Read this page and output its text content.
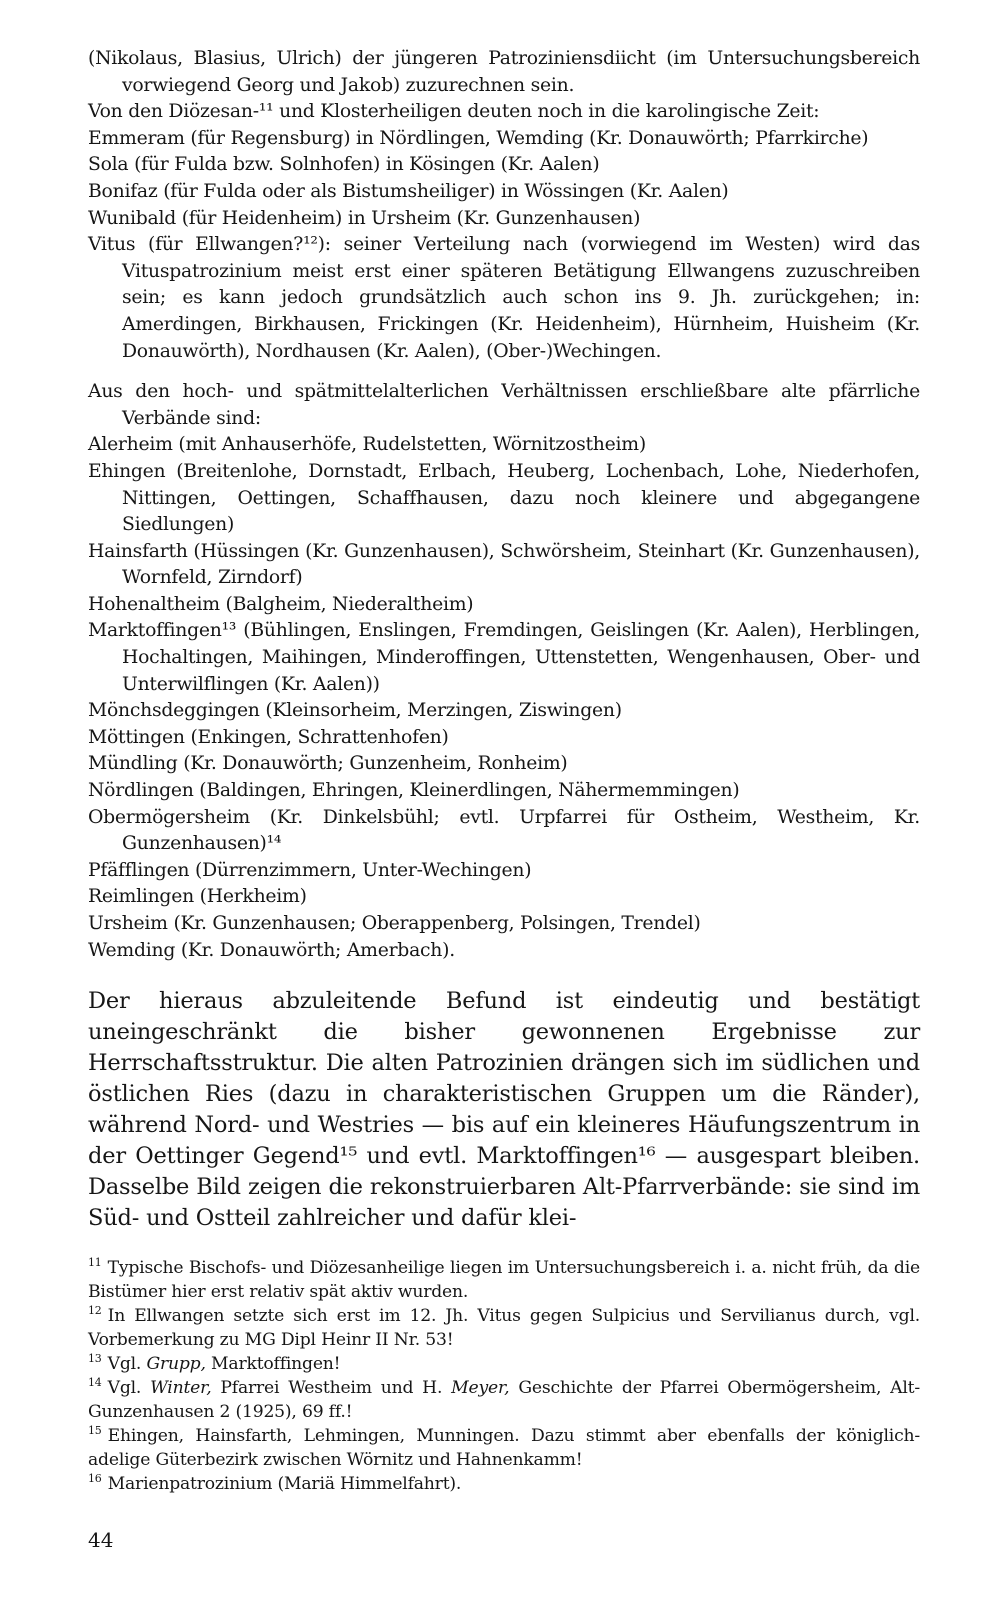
(Nikolaus, Blasius, Ulrich) der jüngeren Patroziniensdiicht (im Untersuchungsbereich vorwiegend Georg und Jakob) zuzurechnen sein.
Von den Diözesan-¹¹ und Klosterheiligen deuten noch in die karolingische Zeit:
Emmeram (für Regensburg) in Nördlingen, Wemding (Kr. Donauwörth; Pfarrkirche)
Sola (für Fulda bzw. Solnhofen) in Kösingen (Kr. Aalen)
Bonifaz (für Fulda oder als Bistumsheiliger) in Wössingen (Kr. Aalen)
Wunibald (für Heidenheim) in Ursheim (Kr. Gunzenhausen)
Vitus (für Ellwangen?¹²): seiner Verteilung nach (vorwiegend im Westen) wird das Vituspatrozinium meist erst einer späteren Betätigung Ellwangens zuzuschreiben sein; es kann jedoch grundsätzlich auch schon ins 9. Jh. zurückgehen; in: Amerdingen, Birkhausen, Frickingen (Kr. Heidenheim), Hürnheim, Huisheim (Kr. Donauwörth), Nordhausen (Kr. Aalen), (Ober-)Wechingen.
Aus den hoch- und spätmittelalterlichen Verhältnissen erschließbare alte pfärrliche Verbände sind:
Alerheim (mit Anhauserhöfe, Rudelstetten, Wörnitzostheim)
Ehingen (Breitenlohe, Dornstadt, Erlbach, Heuberg, Lochenbach, Lohe, Niederhofen, Nittingen, Oettingen, Schaffhausen, dazu noch kleinere und abgegangene Siedlungen)
Hainsfarth (Hüssingen (Kr. Gunzenhausen), Schwörsheim, Steinhart (Kr. Gunzenhausen), Wornfeld, Zirndorf)
Hohenaltheim (Balgheim, Niederaltheim)
Marktoffingen¹³ (Bühlingen, Enslingen, Fremdingen, Geislingen (Kr. Aalen), Herblingen, Hochaltingen, Maihingen, Minderoffingen, Uttenstetten, Wengenhausen, Ober- und Unterwilflingen (Kr. Aalen))
Mönchsdeggingen (Kleinsorheim, Merzingen, Ziswingen)
Möttingen (Enkingen, Schrattenhofen)
Mündling (Kr. Donauwörth; Gunzenheim, Ronheim)
Nördlingen (Baldingen, Ehringen, Kleinerdlingen, Nähermemmingen)
Obermögersheim (Kr. Dinkelsbühl; evtl. Urpfarrei für Ostheim, Westheim, Kr. Gunzenhausen)¹⁴
Pfäfflingen (Dürrenzimmern, Unter-Wechingen)
Reimlingen (Herkheim)
Ursheim (Kr. Gunzenhausen; Oberappenberg, Polsingen, Trendel)
Wemding (Kr. Donauwörth; Amerbach).
Der hieraus abzuleitende Befund ist eindeutig und bestätigt uneingeschränkt die bisher gewonnenen Ergebnisse zur Herrschaftsstruktur. Die alten Patrozinien drängen sich im südlichen und östlichen Ries (dazu in charakteristischen Gruppen um die Ränder), während Nord- und Westries — bis auf ein kleineres Häufungszentrum in der Oettinger Gegend¹⁵ und evtl. Marktoffingen¹⁶ — ausgespart bleiben. Dasselbe Bild zeigen die rekonstruierbaren Alt-Pfarrverbände: sie sind im Süd- und Ostteil zahlreicher und dafür klei-
$^{11}$ Typische Bischofs- und Diözesanheilige liegen im Untersuchungsbereich i. a. nicht früh, da die Bistümer hier erst relativ spät aktiv wurden.
$^{12}$ In Ellwangen setzte sich erst im 12. Jh. Vitus gegen Sulpicius und Servilianus durch, vgl. Vorbemerkung zu MG Dipl Heinr II Nr. 53!
$^{13}$ Vgl. Grupp, Marktoffingen!
$^{14}$ Vgl. Winter, Pfarrei Westheim und H. Meyer, Geschichte der Pfarrei Obermögersheim, Alt-Gunzenhausen 2 (1925), 69 ff.!
$^{15}$ Ehingen, Hainsfarth, Lehmingen, Munningen. Dazu stimmt aber ebenfalls der königlich-adelige Güterbezirk zwischen Wörnitz und Hahnenkamm!
$^{16}$ Marienpatrozinium (Mariä Himmelfahrt).
44
